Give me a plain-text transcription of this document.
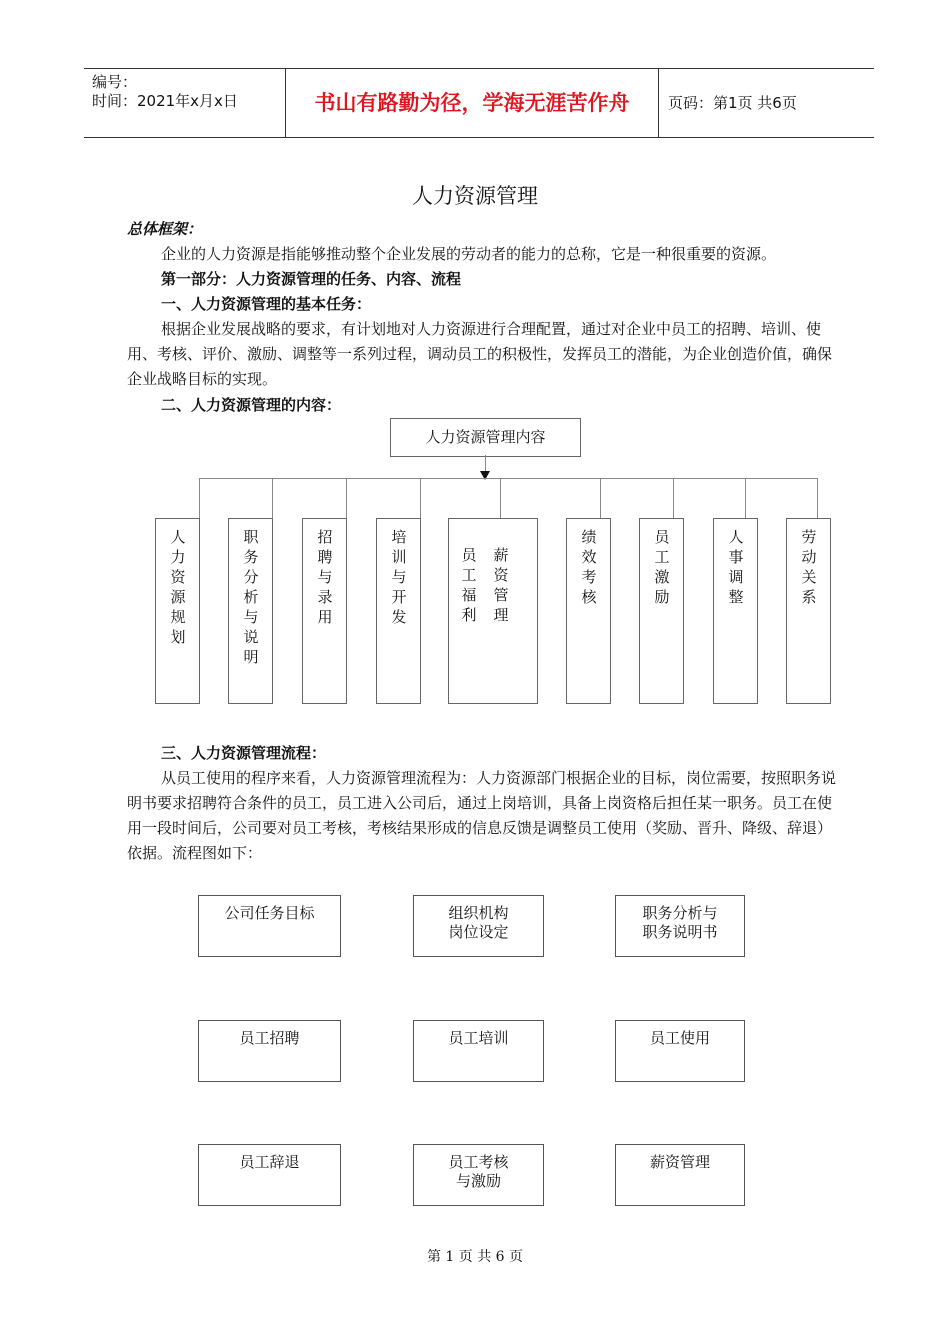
编号：
时间：2021年x月x日	书山有路勤为径，学海无涯苦作舟	页码：第1页 共6页
人力资源管理
总体框架：
企业的人力资源是指能够推动整个企业发展的劳动者的能力的总称，它是一种很重要的资源。
第一部分：人力资源管理的任务、内容、流程
一、人力资源管理的基本任务：
根据企业发展战略的要求，有计划地对人力资源进行合理配置，通过对企业中员工的招聘、培训、使用、考核、评价、激励、调整等一系列过程，调动员工的积极性，发挥员工的潜能，为企业创造价值，确保企业战略目标的实现。
二、人力资源管理的内容：
人力资源管理内容
人力资源规划
职务分析与说明
招聘与录用
培训与开发
员工福利
薪资管理
绩效考核
员工激励
人事调整
劳动关系
三、人力资源管理流程：
从员工使用的程序来看，人力资源管理流程为：人力资源部门根据企业的目标，岗位需要，按照职务说明书要求招聘符合条件的员工，员工进入公司后，通过上岗培训，具备上岗资格后担任某一职务。员工在使用一段时间后，公司要对员工考核，考核结果形成的信息反馈是调整员工使用（奖励、晋升、降级、辞退）依据。流程图如下：
公司任务目标	组织机构
岗位设定
职务分析与
职务说明书
员工招聘	员工培训	员工使用
员工辞退	员工考核
与激励
薪资管理
第 1 页 共 6 页
